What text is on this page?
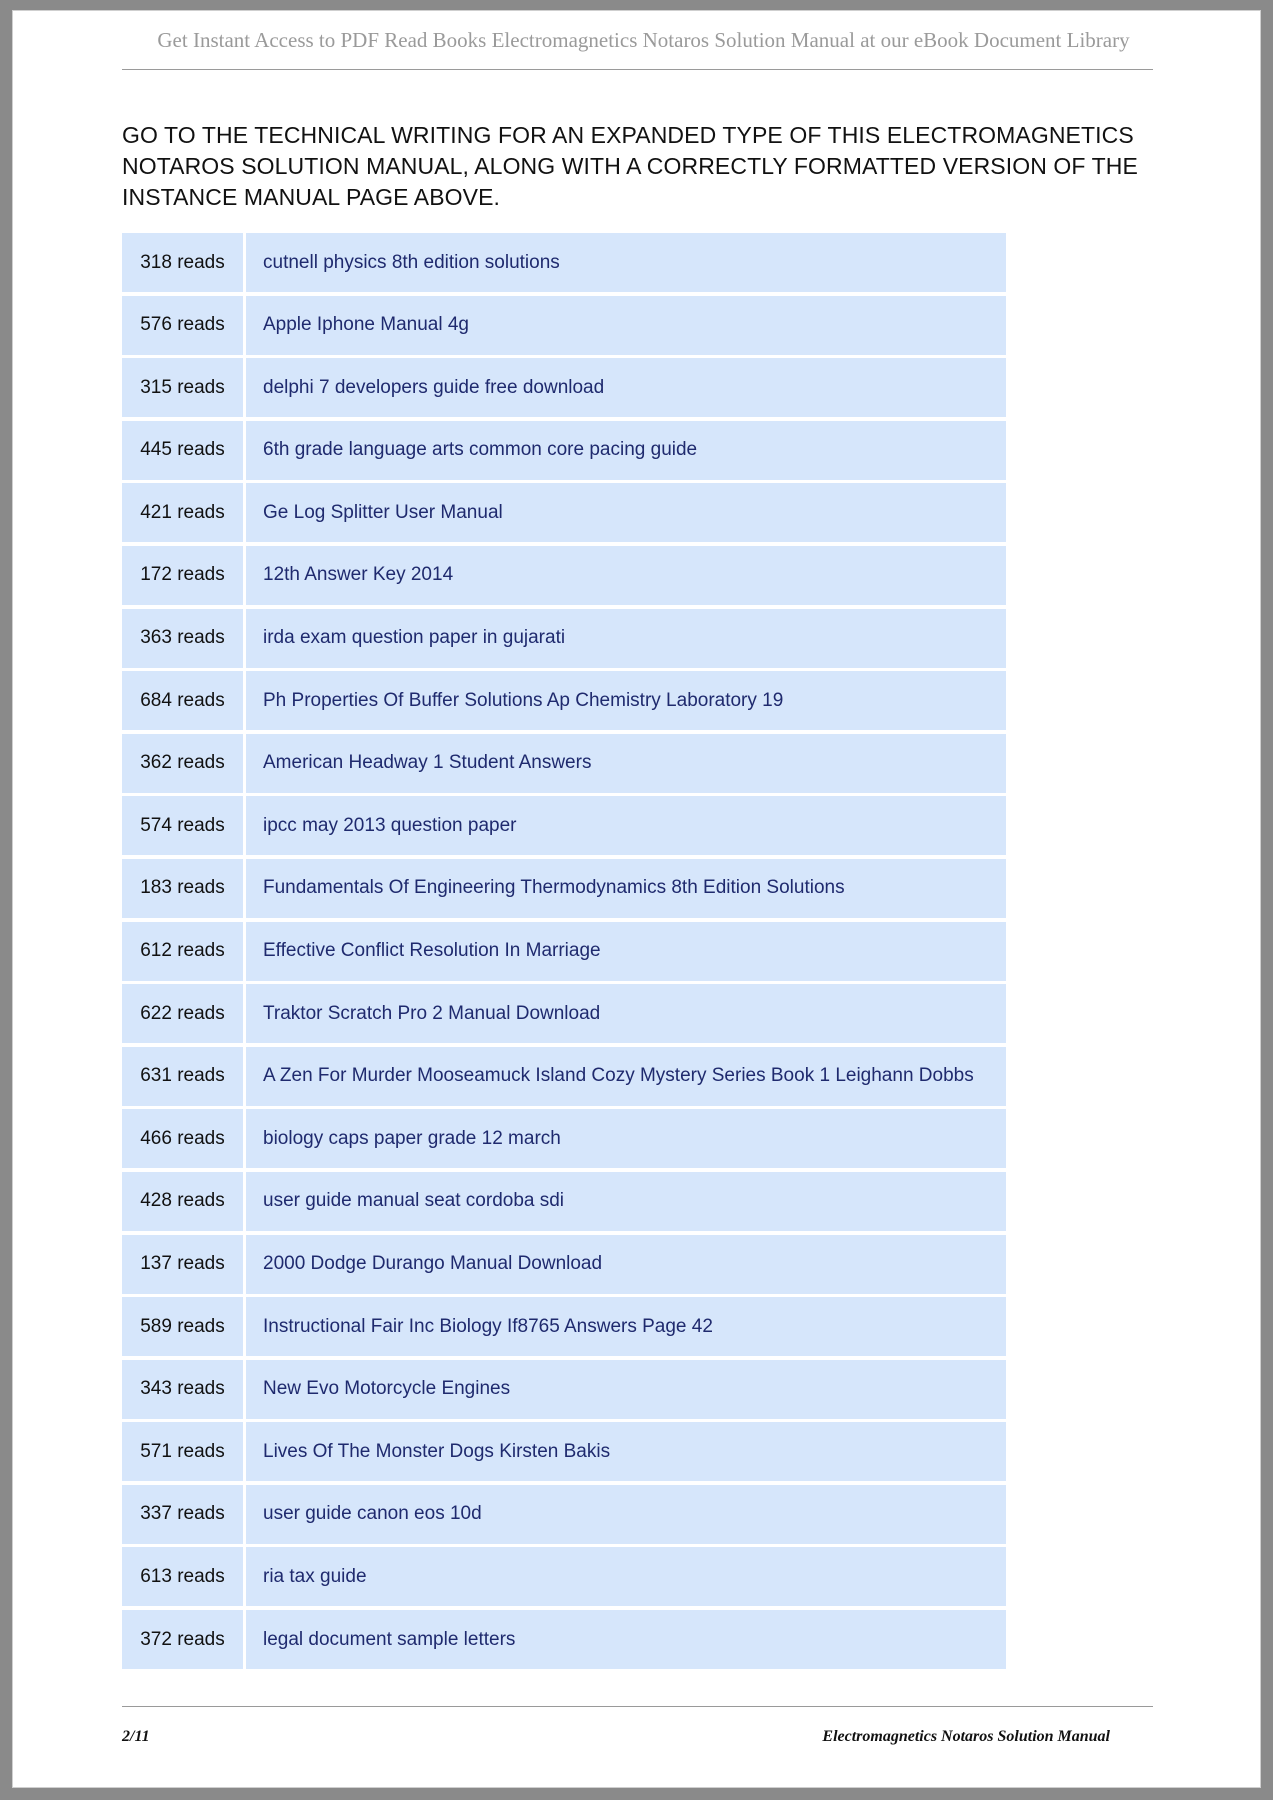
Get Instant Access to PDF Read Books Electromagnetics Notaros Solution Manual at our eBook Document Library
GO TO THE TECHNICAL WRITING FOR AN EXPANDED TYPE OF THIS ELECTROMAGNETICS NOTAROS SOLUTION MANUAL, ALONG WITH A CORRECTLY FORMATTED VERSION OF THE INSTANCE MANUAL PAGE ABOVE.
318 reads	cutnell physics 8th edition solutions
576 reads	Apple Iphone Manual 4g
315 reads	delphi 7 developers guide free download
445 reads	6th grade language arts common core pacing guide
421 reads	Ge Log Splitter User Manual
172 reads	12th Answer Key 2014
363 reads	irda exam question paper in gujarati
684 reads	Ph Properties Of Buffer Solutions Ap Chemistry Laboratory 19
362 reads	American Headway 1 Student Answers
574 reads	ipcc may 2013 question paper
183 reads	Fundamentals Of Engineering Thermodynamics 8th Edition Solutions
612 reads	Effective Conflict Resolution In Marriage
622 reads	Traktor Scratch Pro 2 Manual Download
631 reads	A Zen For Murder Mooseamuck Island Cozy Mystery Series Book 1 Leighann Dobbs
466 reads	biology caps paper grade 12 march
428 reads	user guide manual seat cordoba sdi
137 reads	2000 Dodge Durango Manual Download
589 reads	Instructional Fair Inc Biology If8765 Answers Page 42
343 reads	New Evo Motorcycle Engines
571 reads	Lives Of The Monster Dogs Kirsten Bakis
337 reads	user guide canon eos 10d
613 reads	ria tax guide
372 reads	legal document sample letters
2/11	Electromagnetics Notaros Solution Manual
